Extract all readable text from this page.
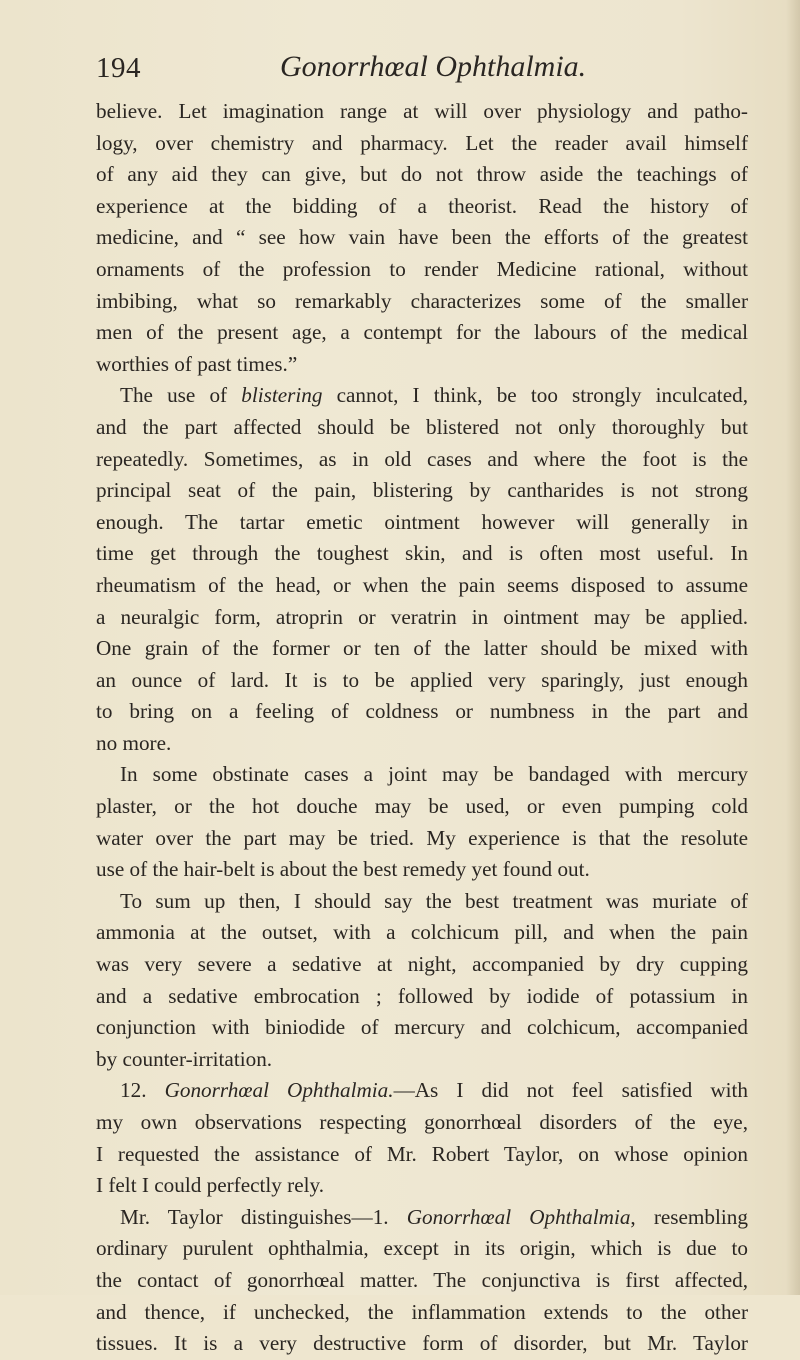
194	Gonorrhœal Ophthalmia.
believe. Let imagination range at will over physiology and patho-
logy, over chemistry and pharmacy. Let the reader avail himself
of any aid they can give, but do not throw aside the teachings of
experience at the bidding of a theorist. Read the history of
medicine, and “ see how vain have been the efforts of the greatest
ornaments of the profession to render Medicine rational, without
imbibing, what so remarkably characterizes some of the smaller
men of the present age, a contempt for the labours of the medical
worthies of past times.”
The use of blistering cannot, I think, be too strongly inculcated,
and the part affected should be blistered not only thoroughly but
repeatedly. Sometimes, as in old cases and where the foot is the
principal seat of the pain, blistering by cantharides is not strong
enough. The tartar emetic ointment however will generally in
time get through the toughest skin, and is often most useful. In
rheumatism of the head, or when the pain seems disposed to assume
a neuralgic form, atroprin or veratrin in ointment may be applied.
One grain of the former or ten of the latter should be mixed with
an ounce of lard. It is to be applied very sparingly, just enough
to bring on a feeling of coldness or numbness in the part and
no more.
In some obstinate cases a joint may be bandaged with mercury
plaster, or the hot douche may be used, or even pumping cold
water over the part may be tried. My experience is that the resolute
use of the hair-belt is about the best remedy yet found out.
To sum up then, I should say the best treatment was muriate of
ammonia at the outset, with a colchicum pill, and when the pain
was very severe a sedative at night, accompanied by dry cupping
and a sedative embrocation ; followed by iodide of potassium in
conjunction with biniodide of mercury and colchicum, accompanied
by counter-irritation.
12. Gonorrhœal Ophthalmia.—As I did not feel satisfied with
my own observations respecting gonorrhœal disorders of the eye,
I requested the assistance of Mr. Robert Taylor, on whose opinion
I felt I could perfectly rely.
Mr. Taylor distinguishes—1. Gonorrhœal Ophthalmia, resembling
ordinary purulent ophthalmia, except in its origin, which is due to
the contact of gonorrhœal matter. The conjunctiva is first affected,
and thence, if unchecked, the inflammation extends to the other
tissues. It is a very destructive form of disorder, but Mr. Taylor
